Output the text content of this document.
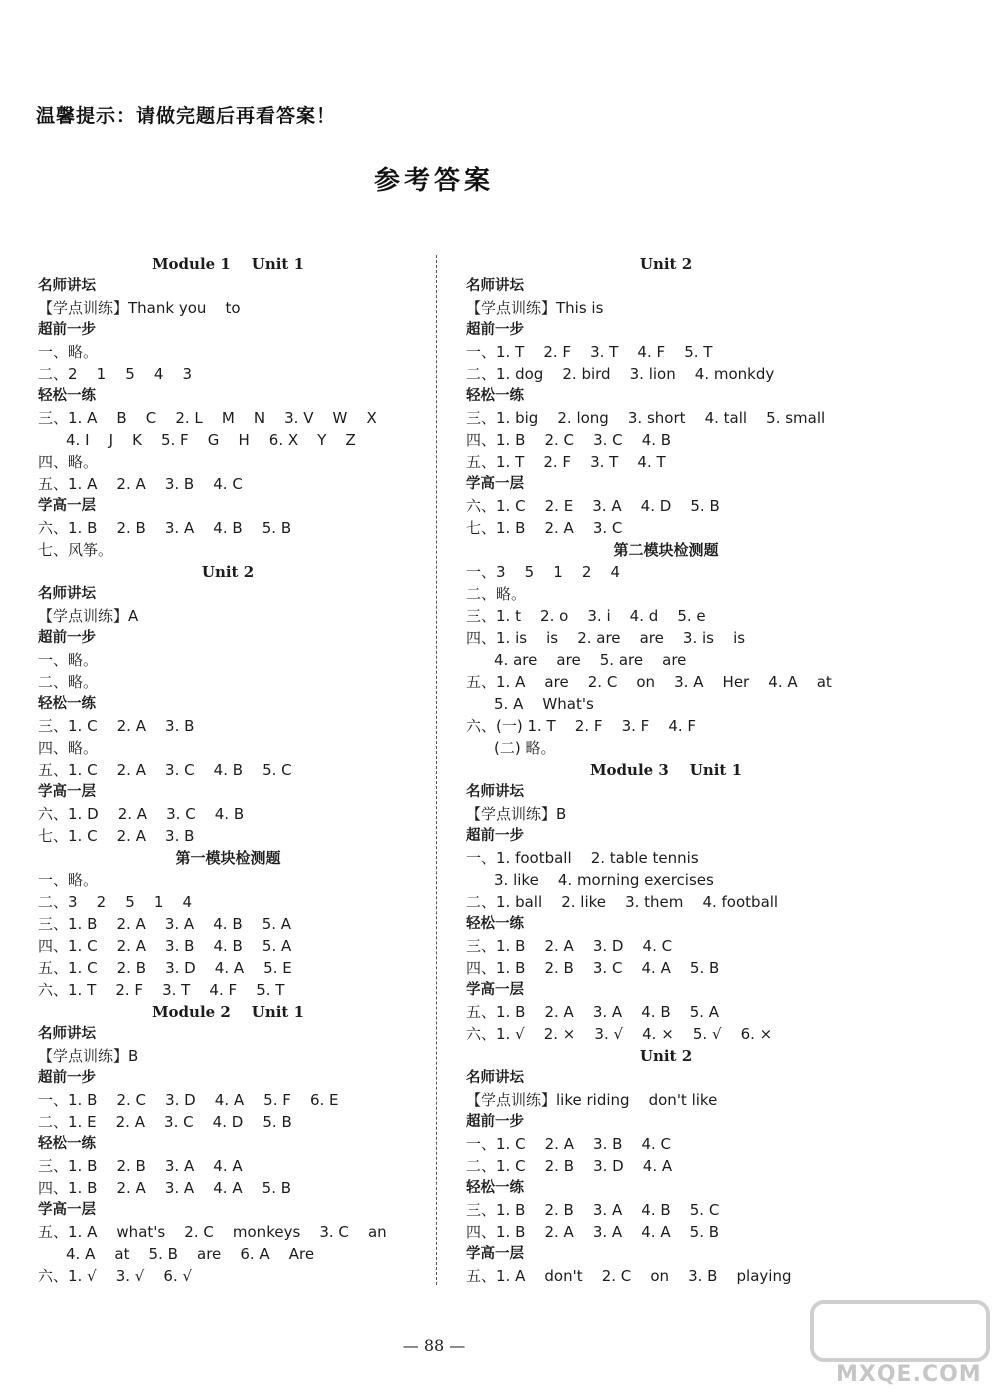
温馨提示：请做完题后再看答案！
参考答案
Module 1    Unit 1
名师讲坛
【学点训练】Thank you    to
超前一步
一、略。
二、2    1    5    4    3
轻松一练
三、1. A    B    C    2. L    M    N    3. V    W    X
4. I    J    K    5. F    G    H    6. X    Y    Z
四、略。
五、1. A    2. A    3. B    4. C
学高一层
六、1. B    2. B    3. A    4. B    5. B
七、风筝。
Unit 2
名师讲坛
【学点训练】A
超前一步
一、略。
二、略。
轻松一练
三、1. C    2. A    3. B
四、略。
五、1. C    2. A    3. C    4. B    5. C
学高一层
六、1. D    2. A    3. C    4. B
七、1. C    2. A    3. B
第一模块检测题
一、略。
二、3    2    5    1    4
三、1. B    2. A    3. A    4. B    5. A
四、1. C    2. A    3. B    4. B    5. A
五、1. C    2. B    3. D    4. A    5. E
六、1. T    2. F    3. T    4. F    5. T
Module 2    Unit 1
名师讲坛
【学点训练】B
超前一步
一、1. B    2. C    3. D    4. A    5. F    6. E
二、1. E    2. A    3. C    4. D    5. B
轻松一练
三、1. B    2. B    3. A    4. A
四、1. B    2. A    3. A    4. A    5. B
学高一层
五、1. A    what's    2. C    monkeys    3. C    an
4. A    at    5. B    are    6. A    Are
六、1. √    3. √    6. √
Unit 2
名师讲坛
【学点训练】This is
超前一步
一、1. T    2. F    3. T    4. F    5. T
二、1. dog    2. bird    3. lion    4. monkdy
轻松一练
三、1. big    2. long    3. short    4. tall    5. small
四、1. B    2. C    3. C    4. B
五、1. T    2. F    3. T    4. T
学高一层
六、1. C    2. E    3. A    4. D    5. B
七、1. B    2. A    3. C
第二模块检测题
一、3    5    1    2    4
二、略。
三、1. t    2. o    3. i    4. d    5. e
四、1. is    is    2. are    are    3. is    is
4. are    are    5. are    are
五、1. A    are    2. C    on    3. A    Her    4. A    at
5. A    What's
六、(一) 1. T    2. F    3. F    4. F
(二) 略。
Module 3    Unit 1
名师讲坛
【学点训练】B
超前一步
一、1. football    2. table tennis
3. like    4. morning exercises
二、1. ball    2. like    3. them    4. football
轻松一练
三、1. B    2. A    3. D    4. C
四、1. B    2. B    3. C    4. A    5. B
学高一层
五、1. B    2. A    3. A    4. B    5. A
六、1. √    2. ×    3. √    4. ×    5. √    6. ×
Unit 2
名师讲坛
【学点训练】like riding    don't like
超前一步
一、1. C    2. A    3. B    4. C
二、1. C    2. B    3. D    4. A
轻松一练
三、1. B    2. B    3. A    4. B    5. C
四、1. B    2. A    3. A    4. A    5. B
学高一层
五、1. A    don't    2. C    on    3. B    playing
— 88 —
MXQE.COM
